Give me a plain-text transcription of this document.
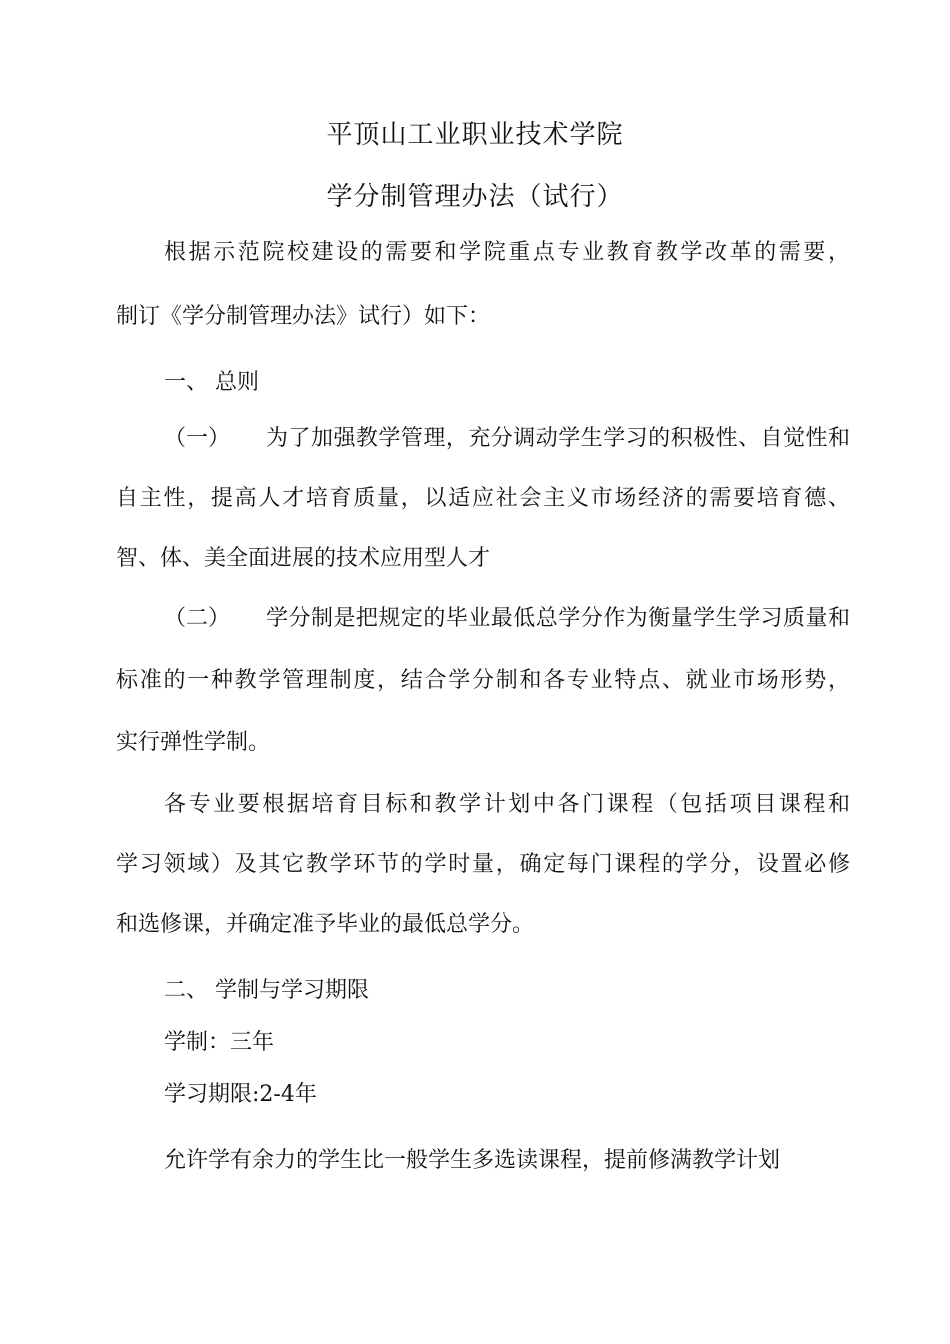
平顶山工业职业技术学院
学分制管理办法（试行）
根据示范院校建设的需要和学院重点专业教育教学改革的需要，
制订《学分制管理办法》试行）如下：
一、 总则
（一） 为了加强教学管理，充分调动学生学习的积极性、自觉性和
自主性，提高人才培育质量，以适应社会主义市场经济的需要培育德、
智、体、美全面进展的技术应用型人才
（二） 学分制是把规定的毕业最低总学分作为衡量学生学习质量和
标准的一种教学管理制度，结合学分制和各专业特点、就业市场形势，
实行弹性学制。
各专业要根据培育目标和教学计划中各门课程（包括项目课程和
学习领域）及其它教学环节的学时量，确定每门课程的学分，设置必修
和选修课，并确定准予毕业的最低总学分。
二、 学制与学习期限
学制：三年
学习期限:2-4年
允许学有余力的学生比一般学生多选读课程，提前修满教学计划
